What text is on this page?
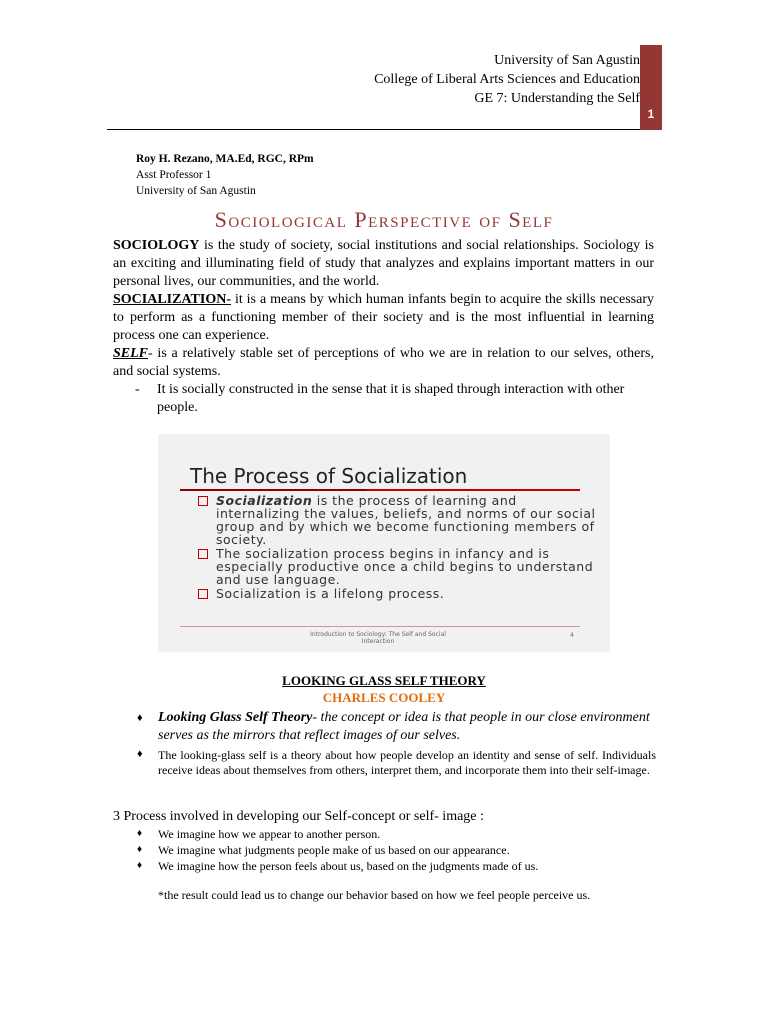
University of San Agustin
College of Liberal Arts Sciences and Education
GE 7: Understanding the Self
1
Roy H. Rezano, MA.Ed, RGC, RPm
Asst Professor 1
University of San Agustin
Sociological Perspective of Self

SOCIOLOGY is the study of society, social institutions and social relationships. Sociology is an exciting and illuminating field of study that analyzes and explains important matters in our personal lives, our communities, and the world.

SOCIALIZATION- it is a means by which human infants begin to acquire the skills necessary to perform as a functioning member of their society and is the most influential in learning process one can experience.

SELF- is a relatively stable set of perceptions of who we are in relation to our selves, others, and social systems.

-	It is socially constructed in the sense that it is shaped through interaction with other people.
The Process of Socialization
Socialization is the process of learning and internalizing the values, beliefs, and norms of our social group and by which we become functioning members of society.
The socialization process begins in infancy and is especially productive once a child begins to understand and use language.
Socialization is a lifelong process.
Introduction to Sociology: The Self and Social Interaction
4
LOOKING GLASS SELF THEORY
CHARLES COOLEY
♦	Looking Glass Self Theory- the concept or idea is that people in our close environment serves as the mirrors that reflect images of our selves.
♦	The looking-glass self is a theory about how people develop an identity and sense of self. Individuals receive ideas about themselves from others, interpret them, and incorporate them into their self-image.
3 Process involved in developing our Self-concept or self- image :
♦	We imagine how we appear to another person.
♦	We imagine what judgments people make of us based on our appearance.
♦	We imagine how the person feels about us, based on the judgments made of us.
*the result could lead us to change our behavior based on how we feel people perceive us.
